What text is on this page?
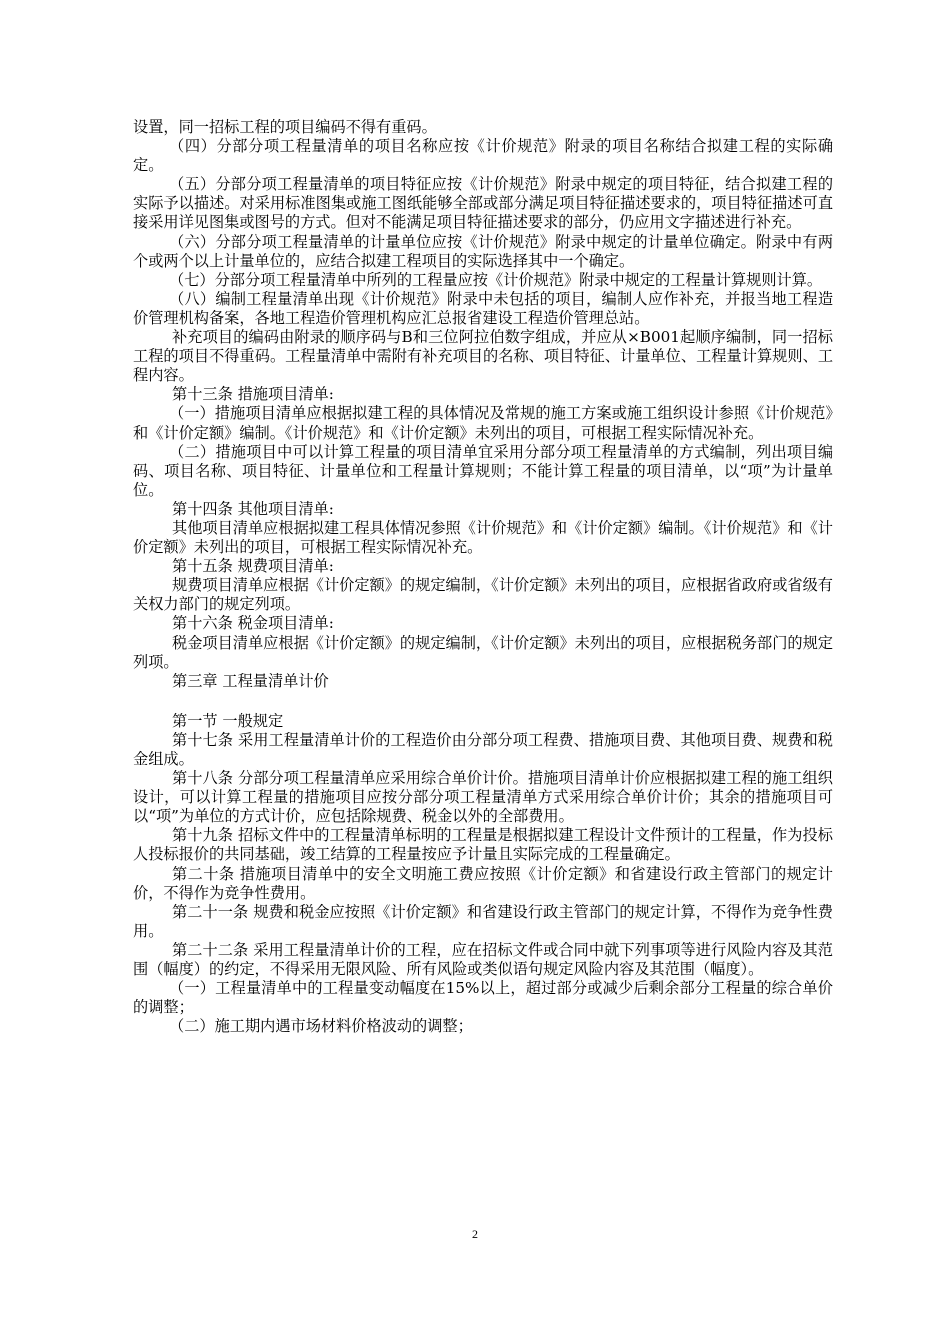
设置，同一招标工程的项目编码不得有重码。

（四）分部分项工程量清单的项目名称应按《计价规范》附录的项目名称结合拟建工程的实际确定。

（五）分部分项工程量清单的项目特征应按《计价规范》附录中规定的项目特征，结合拟建工程的实际予以描述。对采用标准图集或施工图纸能够全部或部分满足项目特征描述要求的，项目特征描述可直接采用详见图集或图号的方式。但对不能满足项目特征描述要求的部分，仍应用文字描述进行补充。

（六）分部分项工程量清单的计量单位应按《计价规范》附录中规定的计量单位确定。附录中有两个或两个以上计量单位的，应结合拟建工程项目的实际选择其中一个确定。

（七）分部分项工程量清单中所列的工程量应按《计价规范》附录中规定的工程量计算规则计算。

（八）编制工程量清单出现《计价规范》附录中未包括的项目，编制人应作补充，并报当地工程造价管理机构备案，各地工程造价管理机构应汇总报省建设工程造价管理总站。

补充项目的编码由附录的顺序码与B和三位阿拉伯数字组成，并应从×B001起顺序编制，同一招标工程的项目不得重码。工程量清单中需附有补充项目的名称、项目特征、计量单位、工程量计算规则、工程内容。

第十三条 措施项目清单:

（一）措施项目清单应根据拟建工程的具体情况及常规的施工方案或施工组织设计参照《计价规范》和《计价定额》编制。《计价规范》和《计价定额》未列出的项目，可根据工程实际情况补充。

（二）措施项目中可以计算工程量的项目清单宜采用分部分项工程量清单的方式编制，列出项目编码、项目名称、项目特征、计量单位和工程量计算规则；不能计算工程量的项目清单，以“项”为计量单位。

第十四条 其他项目清单:

其他项目清单应根据拟建工程具体情况参照《计价规范》和《计价定额》编制。《计价规范》和《计价定额》未列出的项目，可根据工程实际情况补充。

第十五条 规费项目清单:

规费项目清单应根据《计价定额》的规定编制，《计价定额》未列出的项目，应根据省政府或省级有关权力部门的规定列项。

第十六条 税金项目清单:

税金项目清单应根据《计价定额》的规定编制，《计价定额》未列出的项目，应根据税务部门的规定列项。

第三章 工程量清单计价

第一节 一般规定

第十七条 采用工程量清单计价的工程造价由分部分项工程费、措施项目费、其他项目费、规费和税金组成。

第十八条 分部分项工程量清单应采用综合单价计价。措施项目清单计价应根据拟建工程的施工组织设计，可以计算工程量的措施项目应按分部分项工程量清单方式采用综合单价计价；其余的措施项目可以“项”为单位的方式计价，应包括除规费、税金以外的全部费用。

第十九条 招标文件中的工程量清单标明的工程量是根据拟建工程设计文件预计的工程量，作为投标人投标报价的共同基础，竣工结算的工程量按应予计量且实际完成的工程量确定。

第二十条 措施项目清单中的安全文明施工费应按照《计价定额》和省建设行政主管部门的规定计价，不得作为竞争性费用。

第二十一条 规费和税金应按照《计价定额》和省建设行政主管部门的规定计算，不得作为竞争性费用。

第二十二条 采用工程量清单计价的工程，应在招标文件或合同中就下列事项等进行风险内容及其范围（幅度）的约定，不得采用无限风险、所有风险或类似语句规定风险内容及其范围（幅度）。

（一）工程量清单中的工程量变动幅度在15%以上，超过部分或减少后剩余部分工程量的综合单价的调整；

（二）施工期内遇市场材料价格波动的调整；

2
